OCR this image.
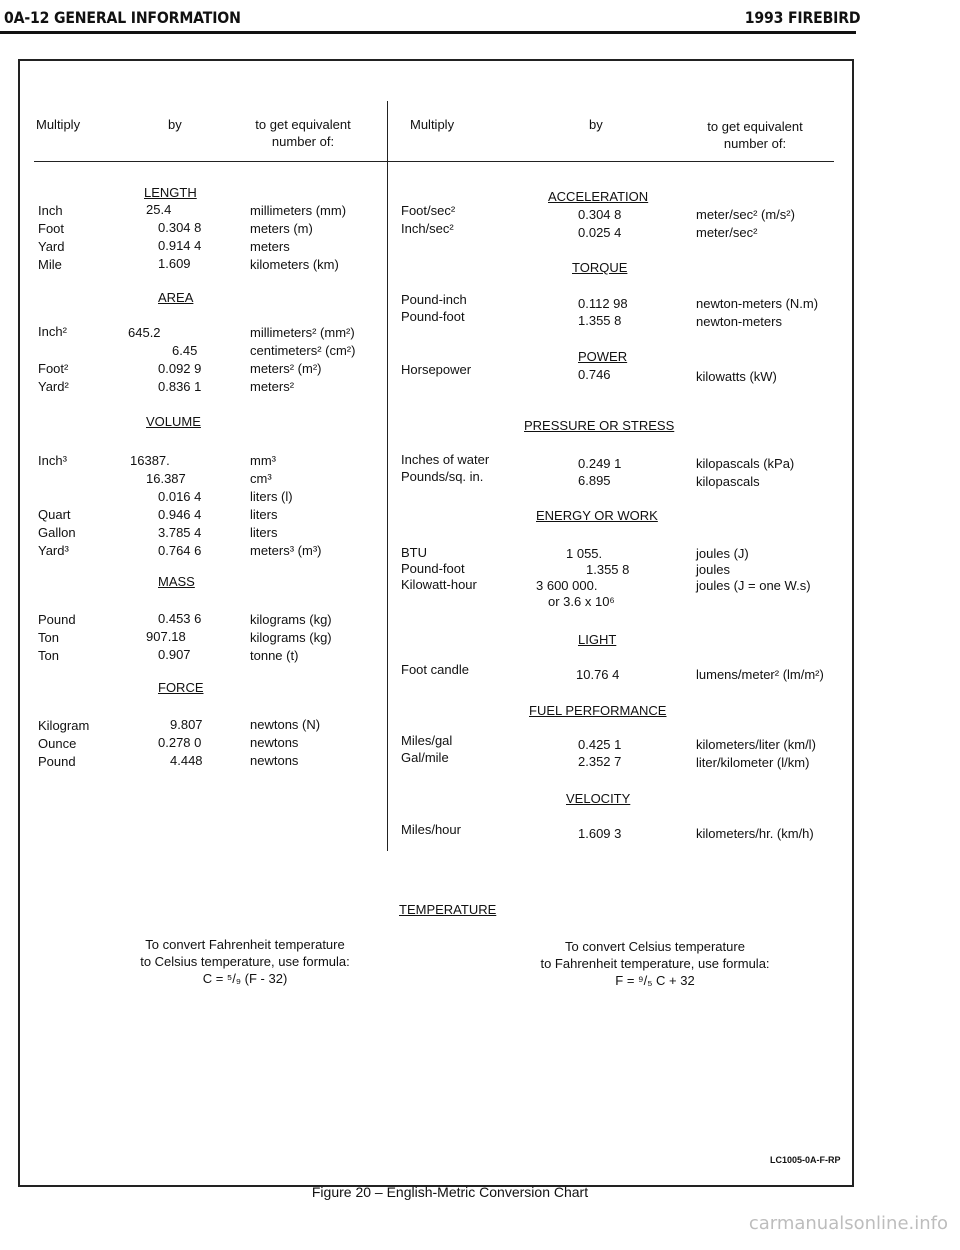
0A-12 GENERAL INFORMATION	1993 FIREBIRD
Multiply	by	to get equivalent
number of:
Multiply	by	to get equivalent
number of:
LENGTH
AREA
VOLUME
MASS
FORCE
Inch	25.4	millimeters (mm)
Foot	0.304 8	meters (m)
Yard	0.914 4	meters
Mile	1.609	kilometers (km)
Inch²	645.2	millimeters² (mm²)
6.45	centimeters² (cm²)
Foot²	0.092 9	meters² (m²)
Yard²	0.836 1	meters²
Inch³	16387.	mm³
16.387	cm³
0.016 4	liters (l)
Quart	0.946 4	liters
Gallon	3.785 4	liters
Yard³	0.764 6	meters³ (m³)
Pound	0.453 6	kilograms (kg)
Ton	907.18	kilograms (kg)
Ton	0.907	tonne (t)
Kilogram	9.807	newtons (N)
Ounce	0.278 0	newtons
Pound	4.448	newtons
ACCELERATION
TORQUE
POWER
PRESSURE OR STRESS
ENERGY OR WORK
LIGHT
FUEL PERFORMANCE
VELOCITY
Foot/sec²	0.304 8	meter/sec² (m/s²)
Inch/sec²	0.025 4	meter/sec²
Pound-inch	0.112 98	newton-meters (N.m)
Pound-foot	1.355 8	newton-meters
Horsepower	0.746	kilowatts (kW)
Inches of water	0.249 1	kilopascals (kPa)
Pounds/sq. in.	6.895	kilopascals
BTU	1 055.	joules (J)
Pound-foot	1.355 8	joules
Kilowatt-hour	3 600 000.	joules (J = one W.s)
or 3.6 x 10⁶
Foot candle	10.76 4	lumens/meter² (lm/m²)
Miles/gal	0.425 1	kilometers/liter (km/l)
Gal/mile	2.352 7	liter/kilometer (l/km)
Miles/hour	1.609 3	kilometers/hr. (km/h)
TEMPERATURE
To convert Fahrenheit temperature
to Celsius temperature, use formula:
C = ⁵/₉ (F - 32)
To convert Celsius temperature
to Fahrenheit temperature, use formula:
F = ⁹/₅ C + 32
LC1005-0A-F-RP
Figure 20 – English-Metric Conversion Chart
carmanualsonline.info
